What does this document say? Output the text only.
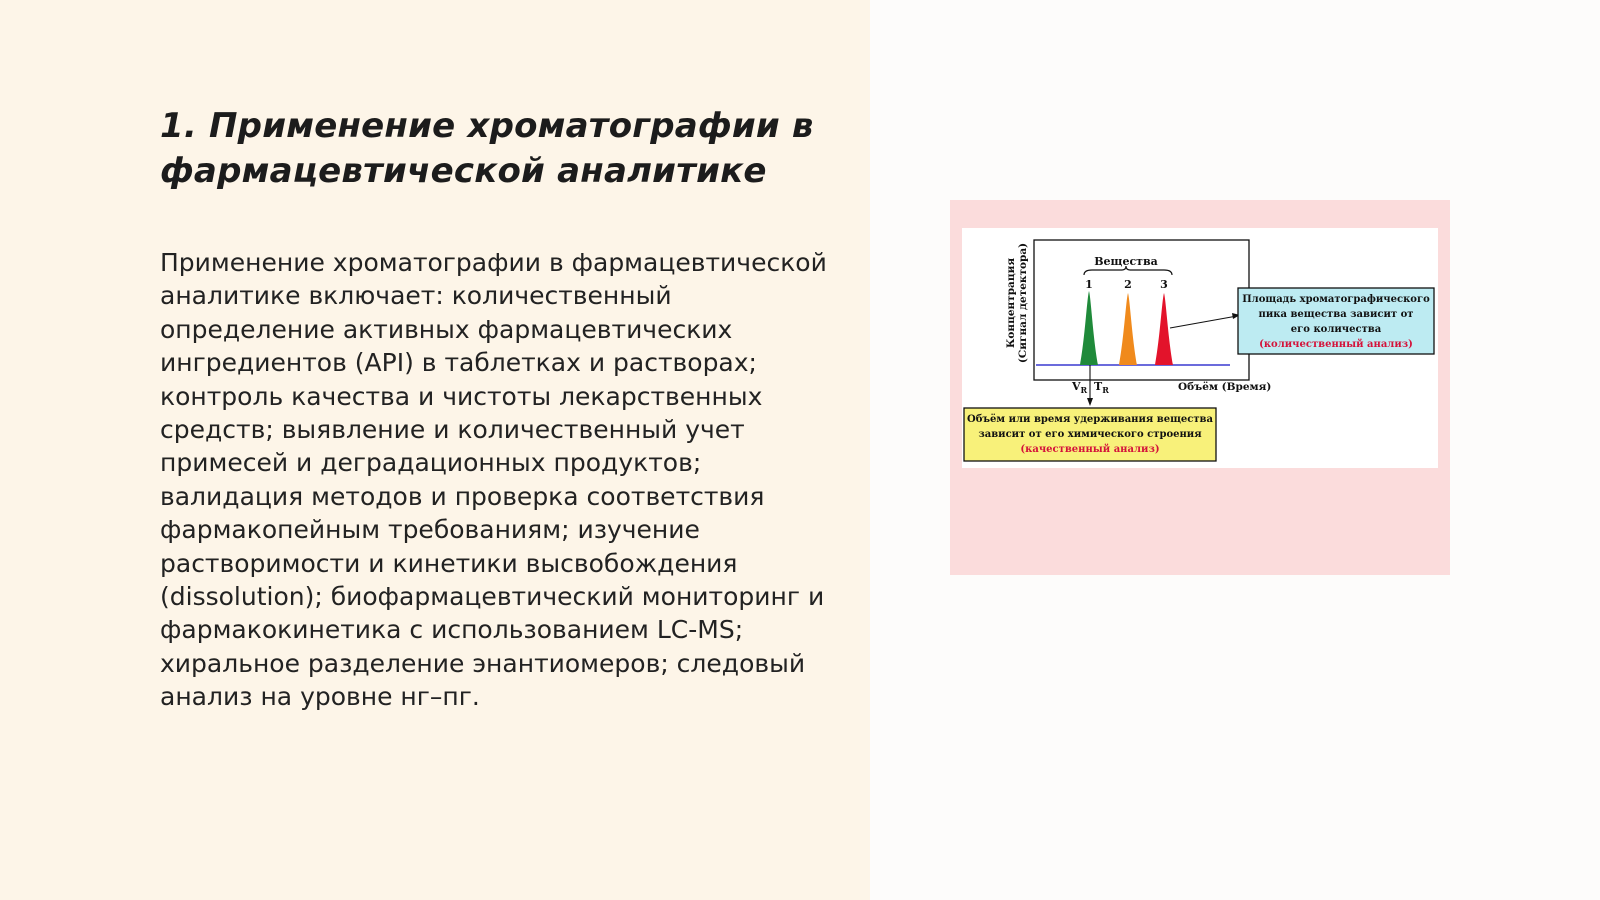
1. Применение хроматографии в фармацевтической аналитике

Применение хроматографии в фармацевтической аналитике включает: количественный определение активных фармацевтических ингредиентов (API) в таблетках и растворах; контроль качества и чистоты лекарственных средств; выявление и количественный учет примесей и деградационных продуктов; валидация методов и проверка соответствия фармакопейным требованиям; изучение растворимости и кинетики высвобождения (dissolution); биофармацевтический мониторинг и фармакокинетика с использованием LC-MS; хиральное разделение энантиомеров; следовый анализ на уровне нг–пг.

Концентрация (Сигнал детектора)	Вещества
1	2	3
$V_R$ $T_R$	Объём (Время)
Площадь хроматографического
пика вещества зависит от
его количества
(количественный анализ)
Объём или время удерживания вещества
зависит от его химического строения
(качественный анализ)
